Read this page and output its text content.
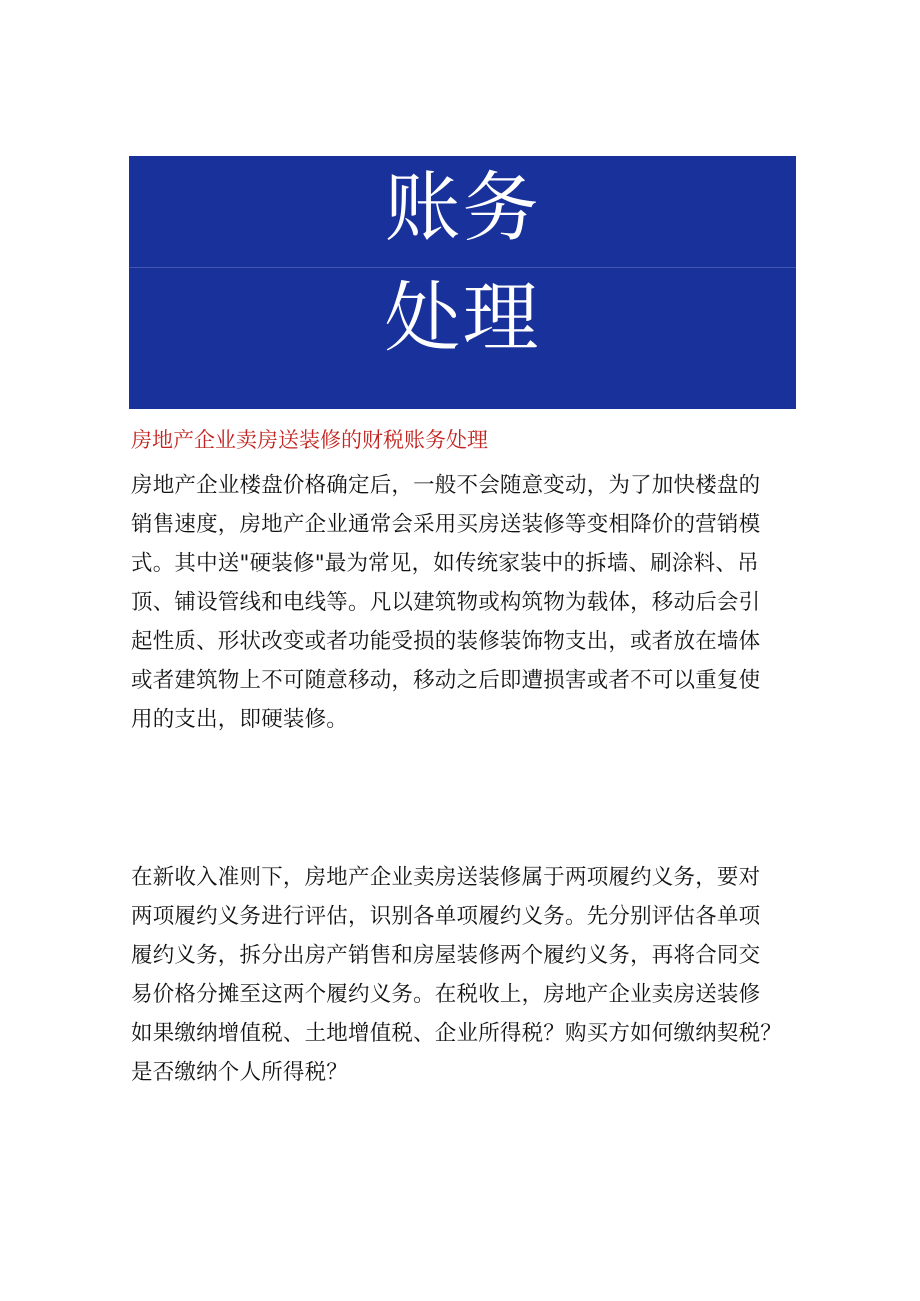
账务
处理
房地产企业卖房送装修的财税账务处理
房地产企业楼盘价格确定后，一般不会随意变动，为了加快楼盘的
销售速度，房地产企业通常会采用买房送装修等变相降价的营销模
式。其中送"硬装修"最为常见，如传统家装中的拆墙、刷涂料、吊
顶、铺设管线和电线等。凡以建筑物或构筑物为载体，移动后会引
起性质、形状改变或者功能受损的装修装饰物支出，或者放在墙体
或者建筑物上不可随意移动，移动之后即遭损害或者不可以重复使
用的支出，即硬装修。
在新收入准则下，房地产企业卖房送装修属于两项履约义务，要对
两项履约义务进行评估，识别各单项履约义务。先分别评估各单项
履约义务，拆分出房产销售和房屋装修两个履约义务，再将合同交
易价格分摊至这两个履约义务。在税收上，房地产企业卖房送装修
如果缴纳增值税、土地增值税、企业所得税？购买方如何缴纳契税？
是否缴纳个人所得税？
